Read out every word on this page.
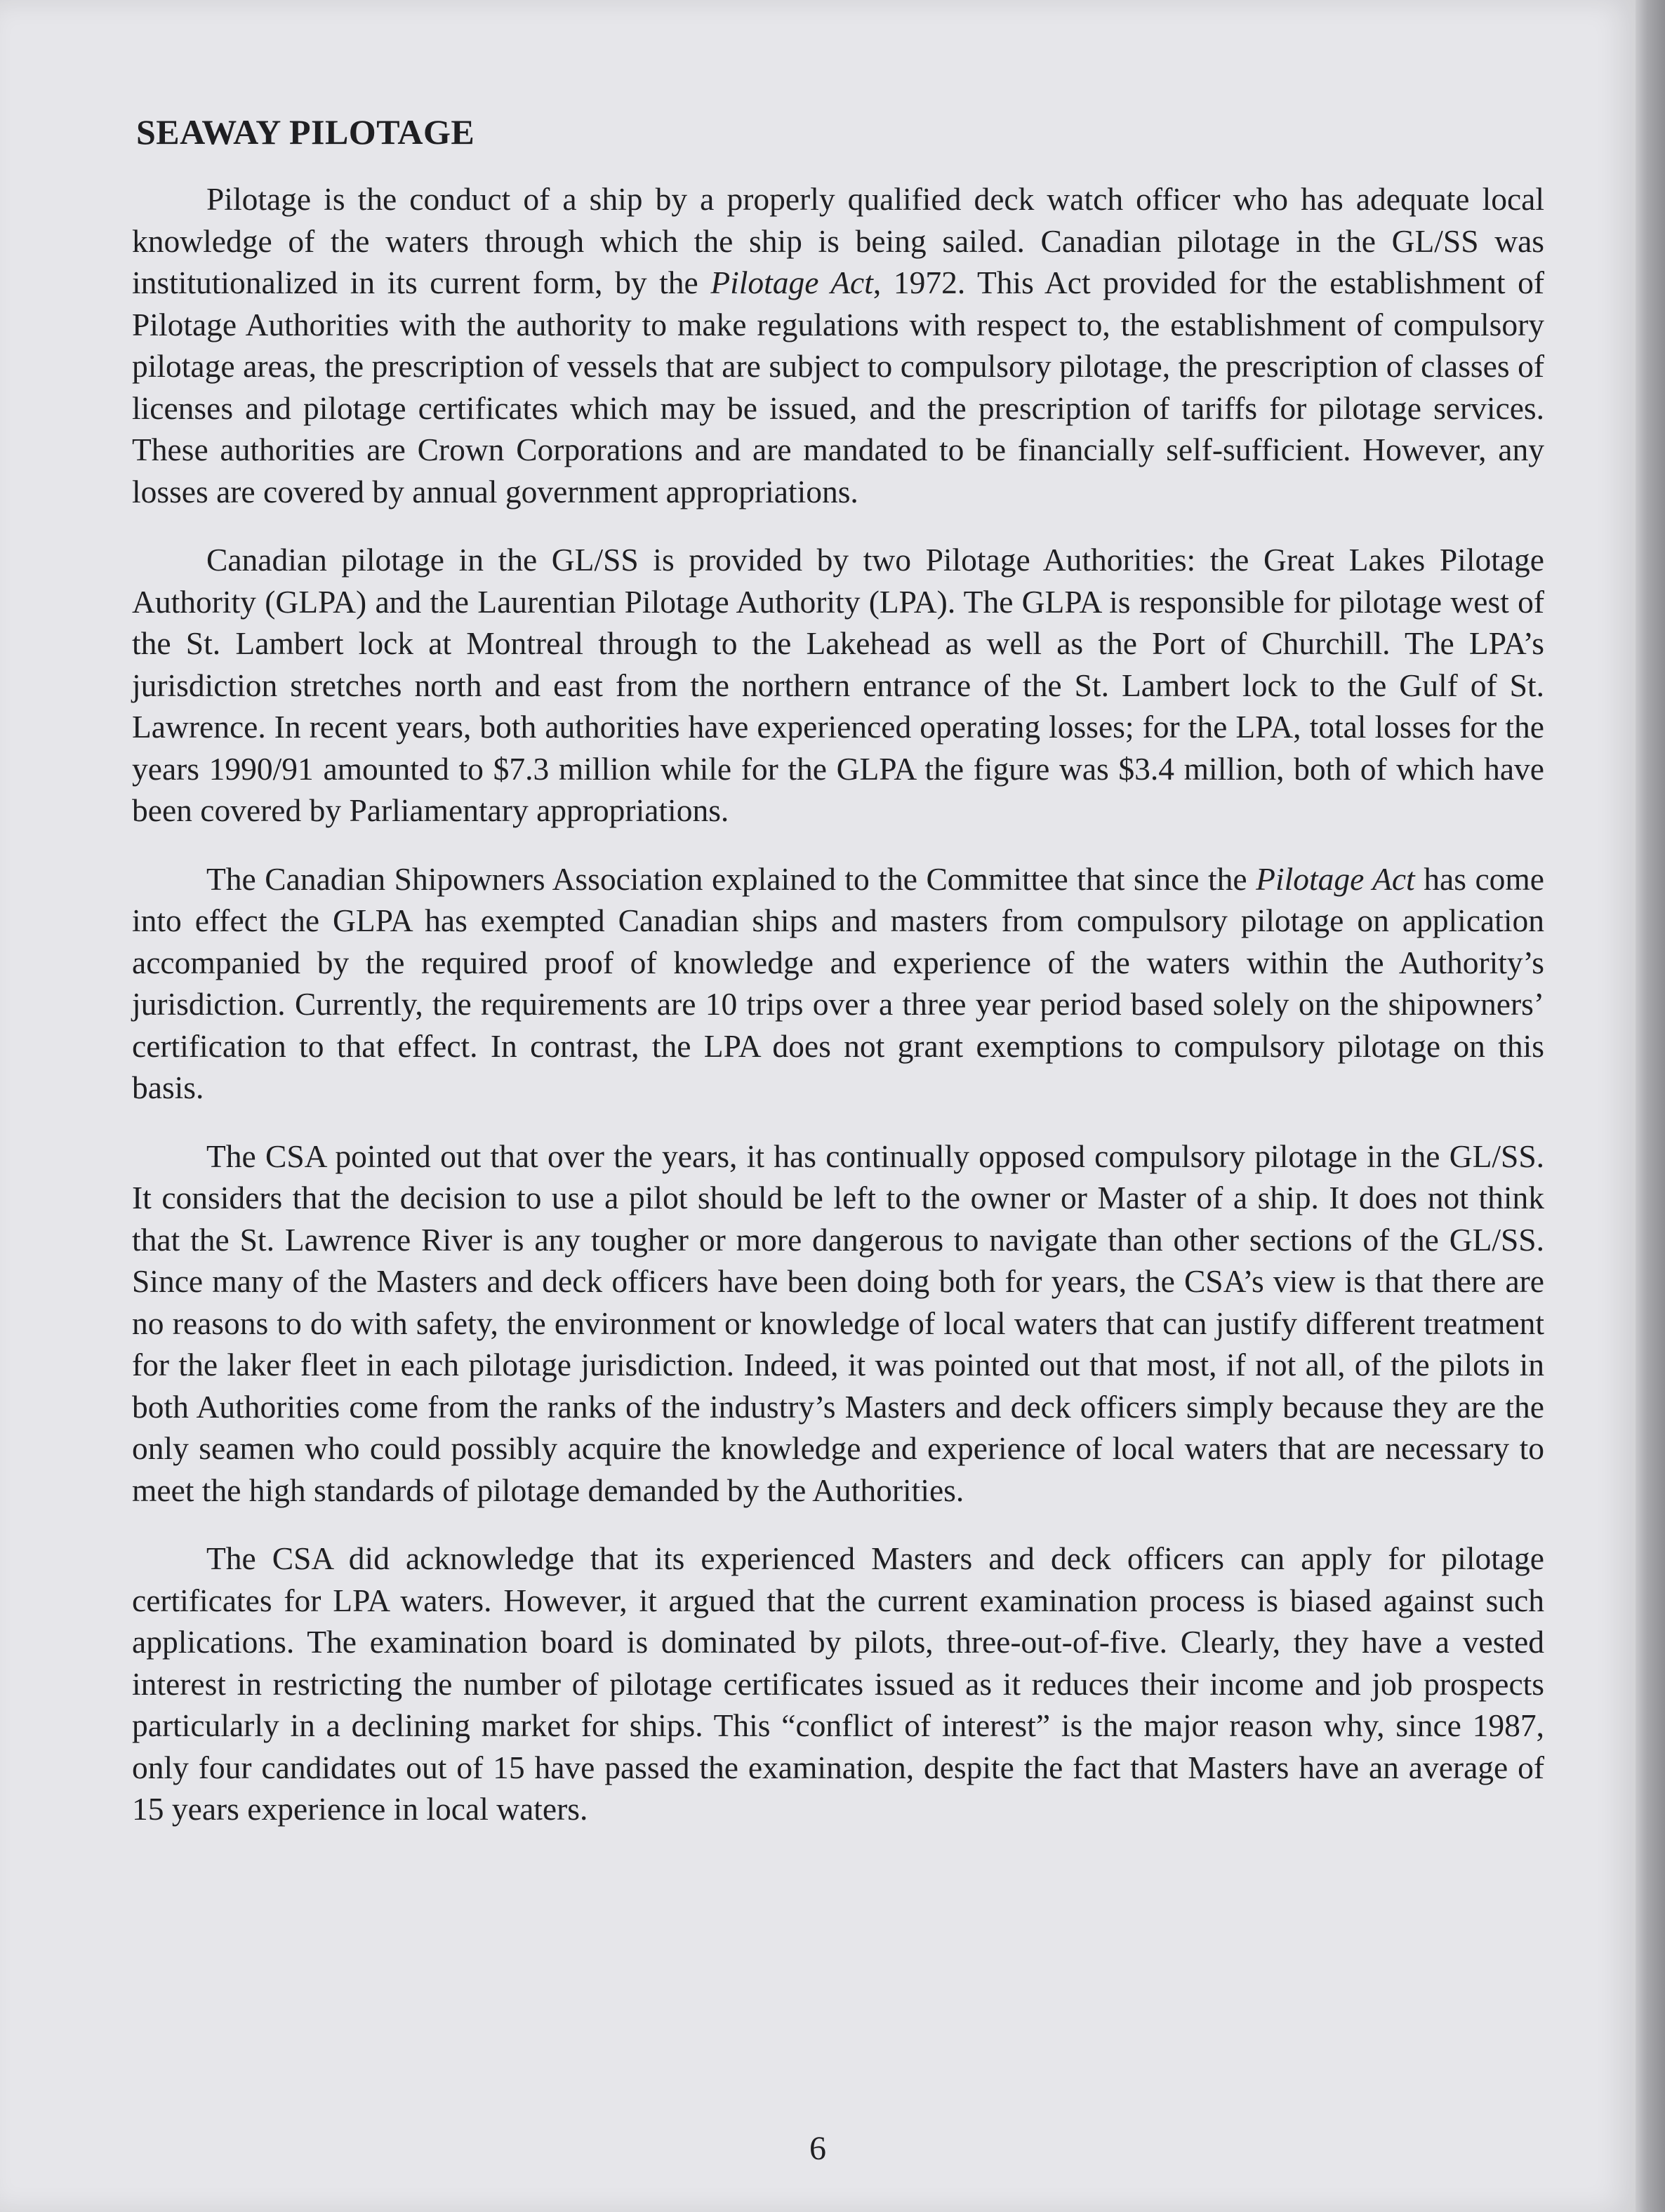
SEAWAY PILOTAGE

Pilotage is the conduct of a ship by a properly qualified deck watch officer who has adequate local knowledge of the waters through which the ship is being sailed. Canadian pilotage in the GL/SS was institutionalized in its current form, by the Pilotage Act, 1972. This Act provided for the establishment of Pilotage Authorities with the authority to make regulations with respect to, the establishment of compulsory pilotage areas, the prescription of vessels that are subject to compulsory pilotage, the prescription of classes of licenses and pilotage certificates which may be issued, and the prescription of tariffs for pilotage services. These authorities are Crown Corporations and are mandated to be financially self-sufficient. However, any losses are covered by annual government appropriations.

Canadian pilotage in the GL/SS is provided by two Pilotage Authorities: the Great Lakes Pilotage Authority (GLPA) and the Laurentian Pilotage Authority (LPA). The GLPA is responsible for pilotage west of the St. Lambert lock at Montreal through to the Lakehead as well as the Port of Churchill. The LPA’s jurisdiction stretches north and east from the northern entrance of the St. Lambert lock to the Gulf of St. Lawrence. In recent years, both authorities have experienced operating losses; for the LPA, total losses for the years 1990/91 amounted to $7.3 million while for the GLPA the figure was $3.4 million, both of which have been covered by Parliamentary appropriations.

The Canadian Shipowners Association explained to the Committee that since the Pilotage Act has come into effect the GLPA has exempted Canadian ships and masters from compulsory pilotage on application accompanied by the required proof of knowledge and experience of the waters within the Authority’s jurisdiction. Currently, the requirements are 10 trips over a three year period based solely on the shipowners’ certification to that effect. In contrast, the LPA does not grant exemptions to compulsory pilotage on this basis.

The CSA pointed out that over the years, it has continually opposed compulsory pilotage in the GL/SS. It considers that the decision to use a pilot should be left to the owner or Master of a ship. It does not think that the St. Lawrence River is any tougher or more dangerous to navigate than other sections of the GL/SS. Since many of the Masters and deck officers have been doing both for years, the CSA’s view is that there are no reasons to do with safety, the environment or knowledge of local waters that can justify different treatment for the laker fleet in each pilotage jurisdiction. Indeed, it was pointed out that most, if not all, of the pilots in both Authorities come from the ranks of the industry’s Masters and deck officers simply because they are the only seamen who could possibly acquire the knowledge and experience of local waters that are necessary to meet the high standards of pilotage demanded by the Authorities.

The CSA did acknowledge that its experienced Masters and deck officers can apply for pilotage certificates for LPA waters. However, it argued that the current examination process is biased against such applications. The examination board is dominated by pilots, three-out-of-five. Clearly, they have a vested interest in restricting the number of pilotage certificates issued as it reduces their income and job prospects particularly in a declining market for ships. This “conflict of interest” is the major reason why, since 1987, only four candidates out of 15 have passed the examination, despite the fact that Masters have an average of 15 years experience in local waters.

6
